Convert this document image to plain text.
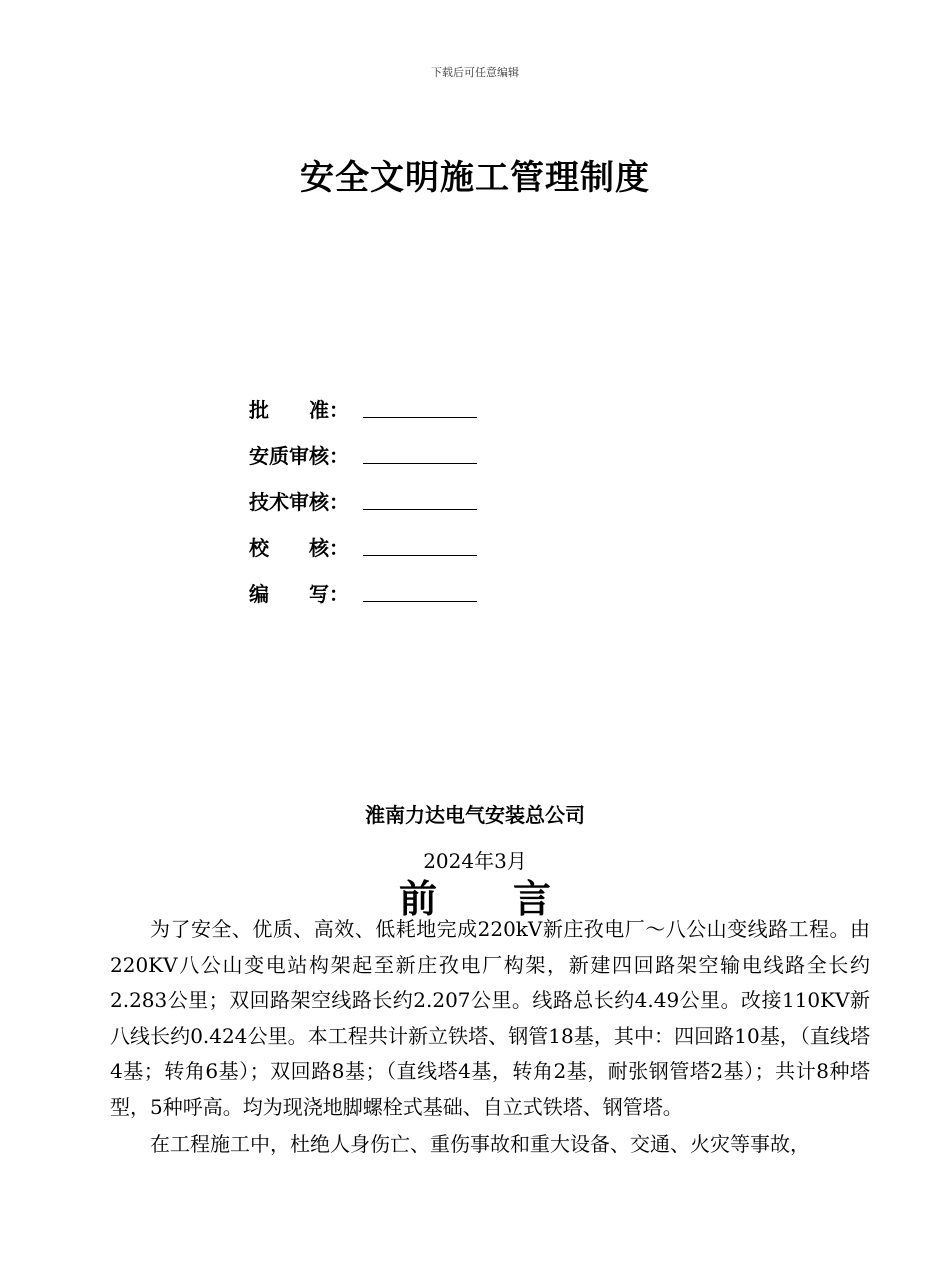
下载后可任意编辑
安全文明施工管理制度
批　　准：
安质审核：
技术审核：
校　　核：
编　　写：
淮南力达电气安装总公司
2024年3月
前　　言

为了安全、优质、高效、低耗地完成220kV新庄孜电厂～八公山变线路工程。由220KV八公山变电站构架起至新庄孜电厂构架，新建四回路架空输电线路全长约2.283公里；双回路架空线路长约2.207公里。线路总长约4.49公里。改接110KV新八线长约0.424公里。本工程共计新立铁塔、钢管18基，其中：四回路10基，（直线塔4基；转角6基）；双回路8基；（直线塔4基，转角2基，耐张钢管塔2基）；共计8种塔型，5种呼高。均为现浇地脚螺栓式基础、自立式铁塔、钢管塔。

在工程施工中，杜绝人身伤亡、重伤事故和重大设备、交通、火灾等事故，
